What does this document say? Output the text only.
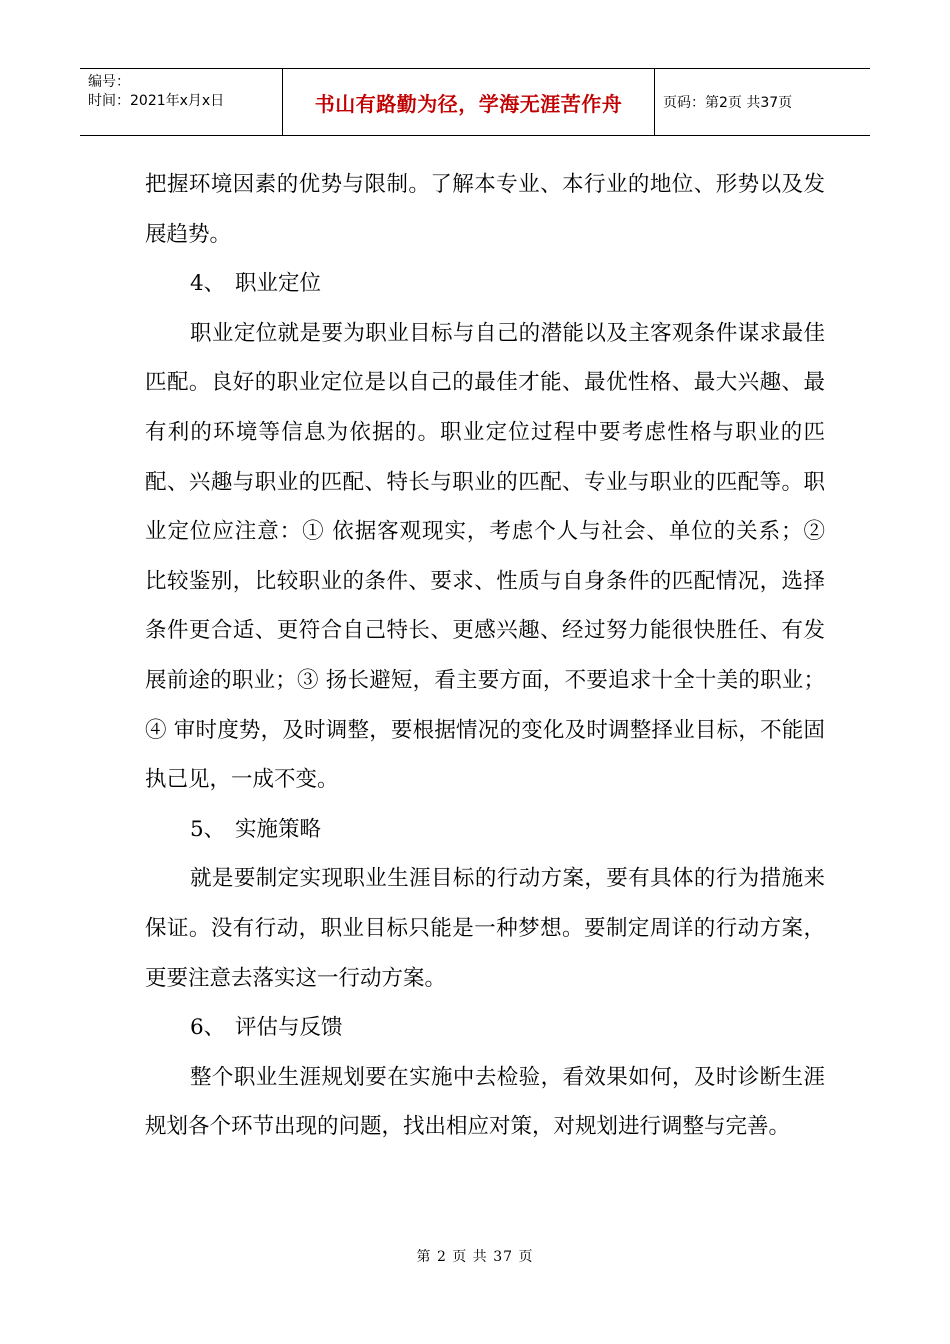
编号：
时间：2021年x月x日	书山有路勤为径，学海无涯苦作舟	页码：第2页 共37页

把握环境因素的优势与限制。了解本专业、本行业的地位、形势以及发展趋势。

4、 职业定位

职业定位就是要为职业目标与自己的潜能以及主客观条件谋求最佳匹配。良好的职业定位是以自己的最佳才能、最优性格、最大兴趣、最有利的环境等信息为依据的。职业定位过程中要考虑性格与职业的匹配、兴趣与职业的匹配、特长与职业的匹配、专业与职业的匹配等。职业定位应注意：① 依据客观现实，考虑个人与社会、单位的关系；② 比较鉴别，比较职业的条件、要求、性质与自身条件的匹配情况，选择条件更合适、更符合自己特长、更感兴趣、经过努力能很快胜任、有发展前途的职业；③ 扬长避短，看主要方面，不要追求十全十美的职业；④ 审时度势，及时调整，要根据情况的变化及时调整择业目标，不能固执己见，一成不变。

5、 实施策略

就是要制定实现职业生涯目标的行动方案，要有具体的行为措施来保证。没有行动，职业目标只能是一种梦想。要制定周详的行动方案，更要注意去落实这一行动方案。

6、 评估与反馈

整个职业生涯规划要在实施中去检验，看效果如何，及时诊断生涯规划各个环节出现的问题，找出相应对策，对规划进行调整与完善。

第 2 页 共 37 页
